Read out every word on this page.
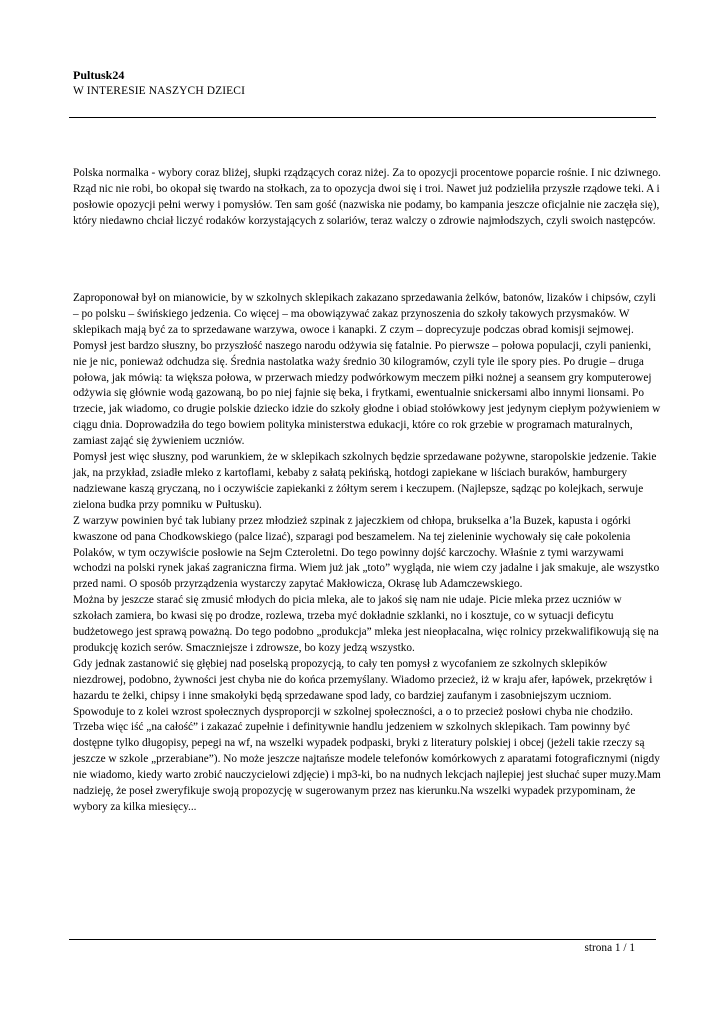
Pultusk24
W INTERESIE NASZYCH DZIECI

Polska normalka - wybory coraz bliżej, słupki rządzących coraz niżej. Za to opozycji procentowe poparcie rośnie. I nic dziwnego. Rząd nic nie robi, bo okopał się twardo na stołkach, za to opozycja dwoi się i troi. Nawet już podzieliła przyszłe rządowe teki. A i posłowie opozycji pełni werwy i pomysłów. Ten sam gość (nazwiska nie podamy, bo kampania jeszcze oficjalnie nie zaczęła się), który niedawno chciał liczyć rodaków korzystających z solariów, teraz walczy o zdrowie najmłodszych, czyli swoich następców.

Zaproponował był on mianowicie, by w szkolnych sklepikach zakazano sprzedawania żelków, batonów, lizaków i chipsów, czyli – po polsku – świńskiego jedzenia. Co więcej – ma obowiązywać zakaz przynoszenia do szkoły takowych przysmaków. W sklepikach mają być za to sprzedawane warzywa, owoce i kanapki. Z czym – doprecyzuje podczas obrad komisji sejmowej.

Pomysł jest bardzo słuszny, bo przyszłość naszego narodu odżywia się fatalnie. Po pierwsze – połowa populacji, czyli panienki, nie je nic, ponieważ odchudza się. Średnia nastolatka waży średnio 30 kilogramów, czyli tyle ile spory pies. Po drugie – druga połowa, jak mówią: ta większa połowa, w przerwach miedzy podwórkowym meczem piłki nożnej a seansem gry komputerowej odżywia się głównie wodą gazowaną, bo po niej fajnie się beka, i frytkami, ewentualnie snickersami albo innymi lionsami. Po trzecie, jak wiadomo, co drugie polskie dziecko idzie do szkoły głodne i obiad stołówkowy jest jedynym ciepłym pożywieniem w ciągu dnia. Doprowadziła do tego bowiem polityka ministerstwa edukacji, które co rok grzebie w programach maturalnych, zamiast zająć się żywieniem uczniów.

Pomysł jest więc słuszny, pod warunkiem, że w sklepikach szkolnych będzie sprzedawane pożywne, staropolskie jedzenie. Takie jak, na przykład, zsiadłe mleko z kartoflami, kebaby z sałatą pekińską, hotdogi zapiekane w liściach buraków, hamburgery nadziewane kaszą gryczaną, no i oczywiście zapiekanki z żółtym serem i keczupem. (Najlepsze, sądząc po kolejkach, serwuje zielona budka przy pomniku w Pułtusku).

Z warzyw powinien być tak lubiany przez młodzież szpinak z jajeczkiem od chłopa, brukselka a’la Buzek, kapusta i ogórki kwaszone od pana Chodkowskiego (palce lizać), szparagi pod beszamelem. Na tej zieleninie wychowały się całe pokolenia Polaków, w tym oczywiście posłowie na Sejm Czteroletni. Do tego powinny dojść karczochy. Właśnie z tymi warzywami wchodzi na polski rynek jakaś zagraniczna firma. Wiem już jak „toto” wygląda, nie wiem czy jadalne i jak smakuje, ale wszystko przed nami. O sposób przyrządzenia wystarczy zapytać Makłowicza, Okrasę lub Adamczewskiego.

Można by jeszcze starać się zmusić młodych do picia mleka, ale to jakoś się nam nie udaje. Picie mleka przez uczniów w szkołach zamiera, bo kwasi się po drodze, rozlewa, trzeba myć dokładnie szklanki, no i kosztuje, co w sytuacji deficytu budżetowego jest sprawą poważną. Do tego podobno „produkcja” mleka jest nieopłacalna, więc rolnicy przekwalifikowują się na produkcję kozich serów. Smaczniejsze i zdrowsze, bo kozy jedzą wszystko.

Gdy jednak zastanowić się głębiej nad poselską propozycją, to cały ten pomysł z wycofaniem ze szkolnych sklepików niezdrowej, podobno, żywności jest chyba nie do końca przemyślany. Wiadomo przecież, iż w kraju afer, łapówek, przekrętów i hazardu te żelki, chipsy i inne smakołyki będą sprzedawane spod lady, co bardziej zaufanym i zasobniejszym uczniom. Spowoduje to z kolei wzrost społecznych dysproporcji w szkolnej społeczności, a o to przecież posłowi chyba nie chodziło.

Trzeba więc iść „na całość” i zakazać zupełnie i definitywnie handlu jedzeniem w szkolnych sklepikach. Tam powinny być dostępne tylko długopisy, pepegi na wf, na wszelki wypadek podpaski, bryki z literatury polskiej i obcej (jeżeli takie rzeczy są jeszcze w szkole „przerabiane”). No może jeszcze najtańsze modele telefonów komórkowych z aparatami fotograficznymi (nigdy nie wiadomo, kiedy warto zrobić nauczycielowi zdjęcie) i mp3-ki, bo na nudnych lekcjach najlepiej jest słuchać super muzy.Mam nadzieję, że poseł zweryfikuje swoją propozycję w sugerowanym przez nas kierunku.Na wszelki wypadek przypominam, że wybory za kilka miesięcy...

strona 1 / 1
